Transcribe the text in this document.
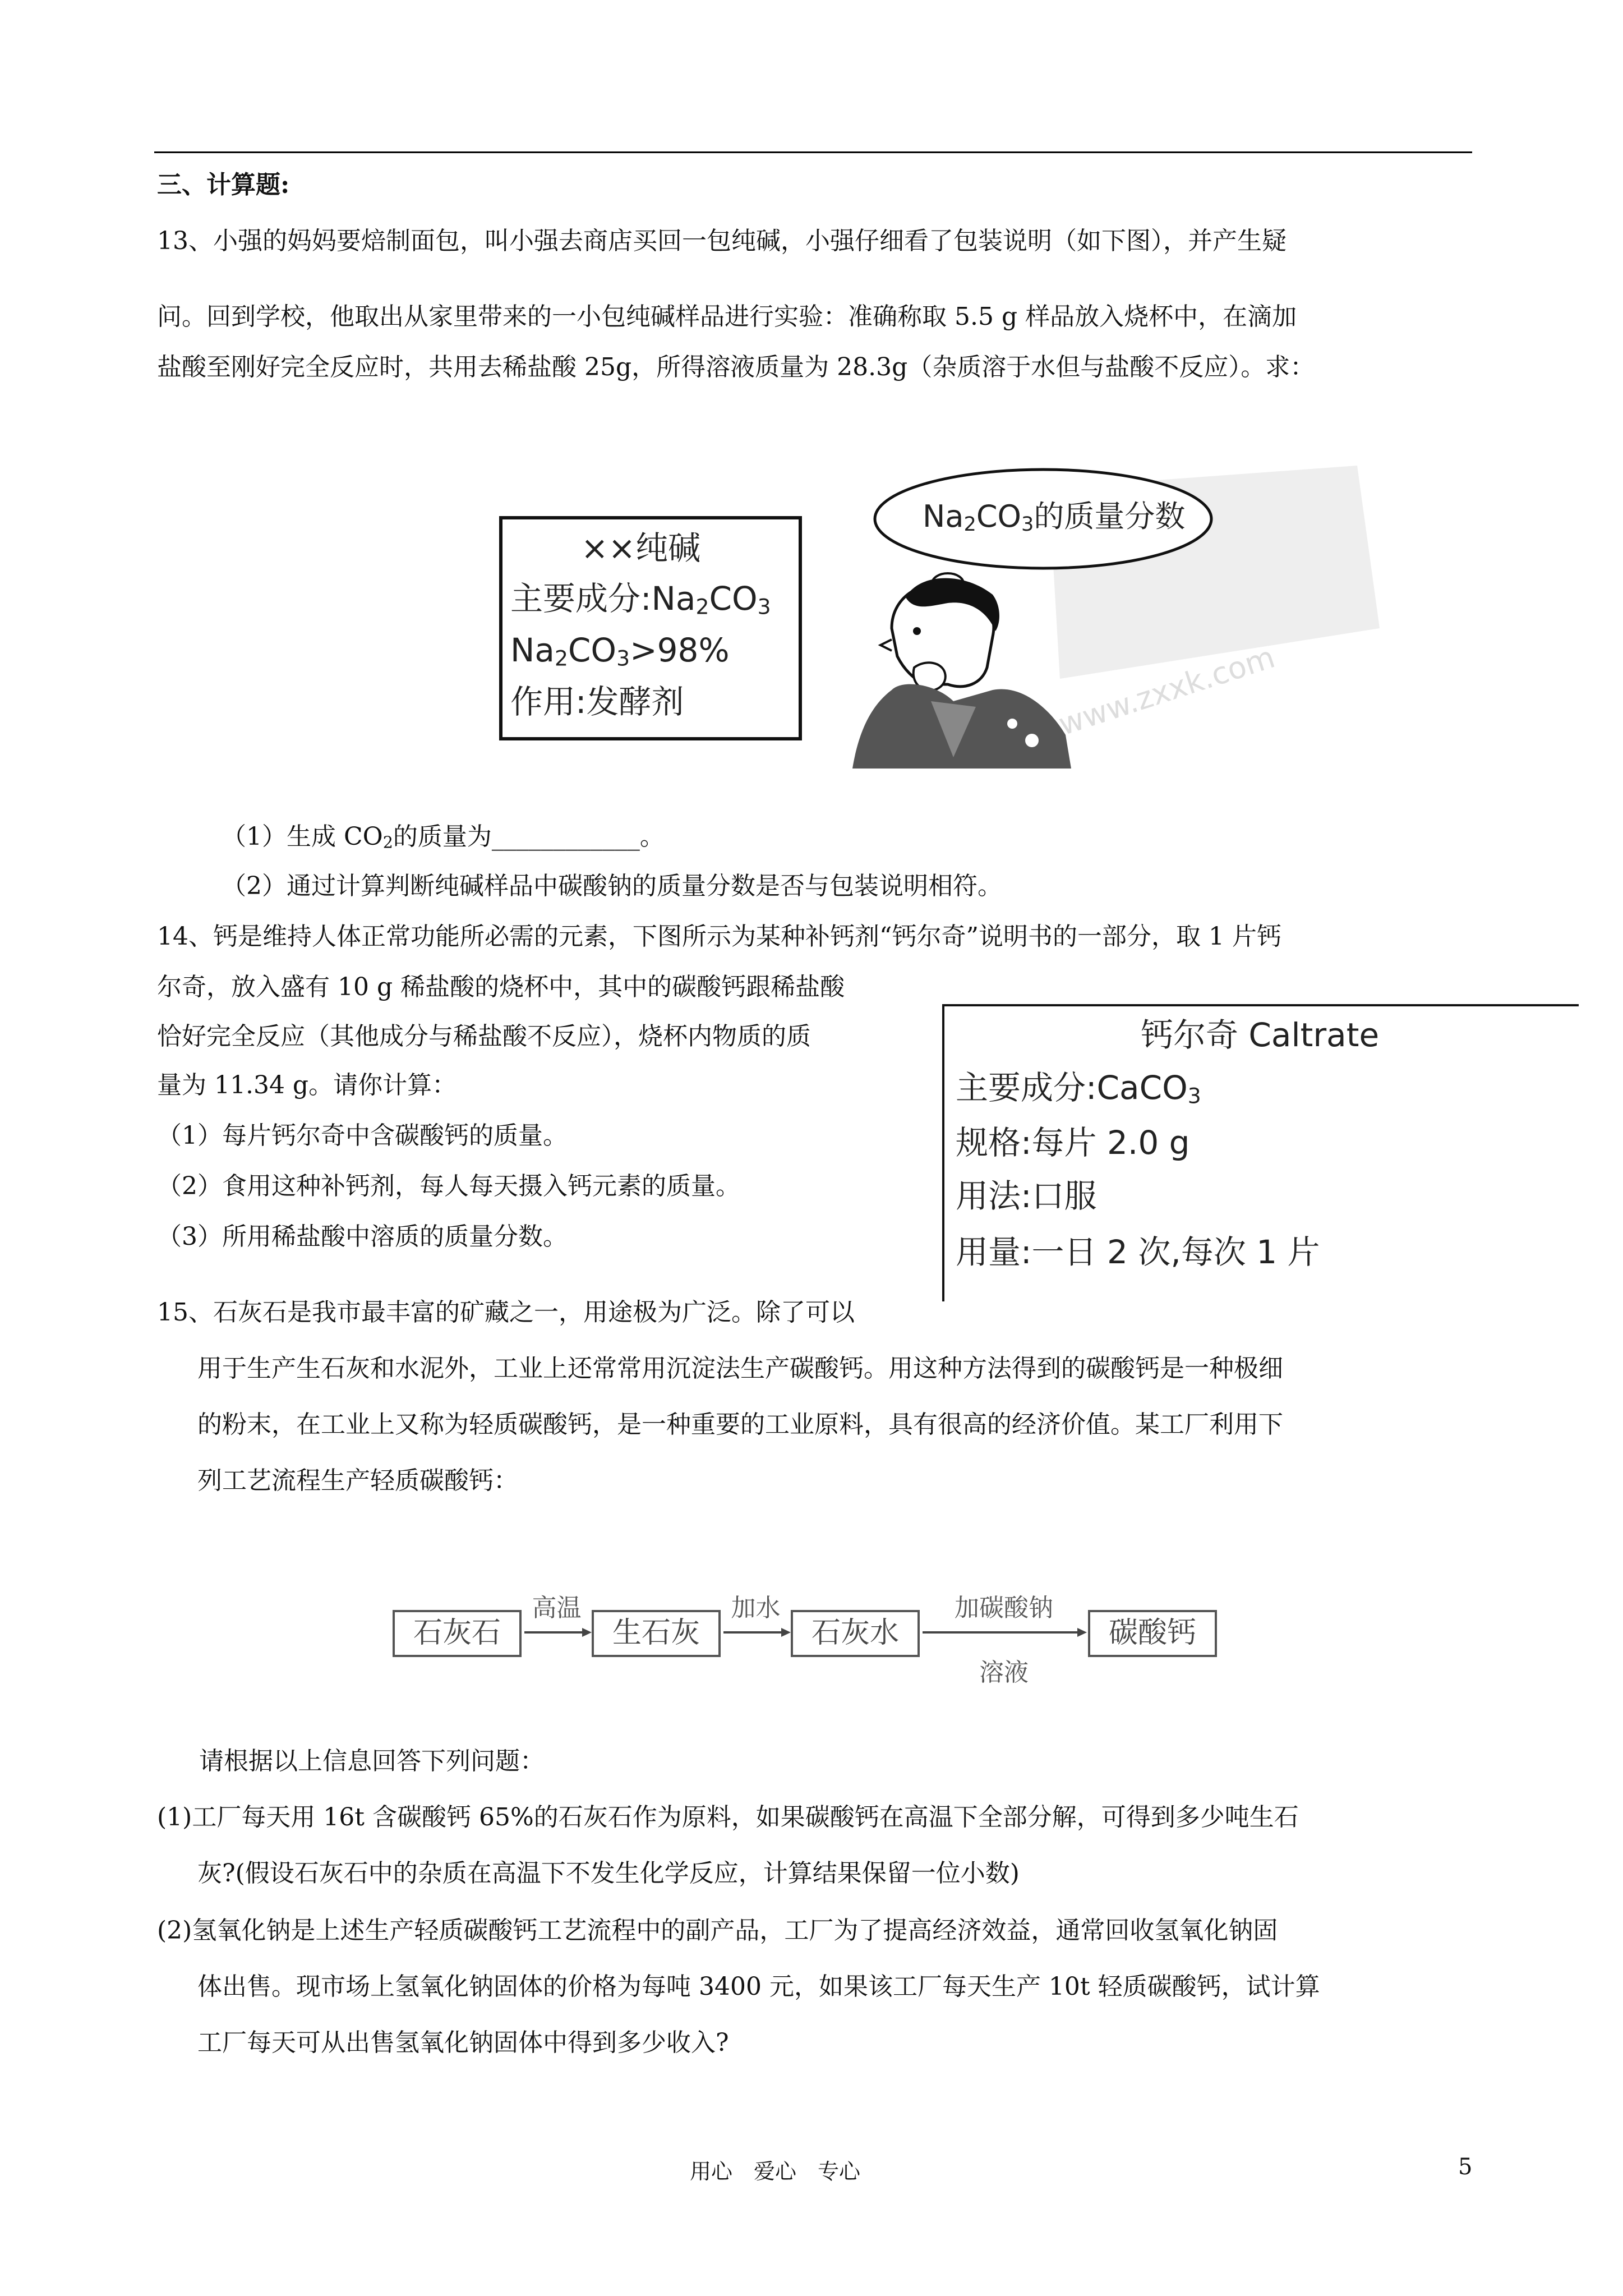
三、计算题:
13、小强的妈妈要焙制面包，叫小强去商店买回一包纯碱，小强仔细看了包装说明（如下图），并产生疑
问。回到学校，他取出从家里带来的一小包纯碱样品进行实验：准确称取 5.5 g 样品放入烧杯中，在滴加
盐酸至刚好完全反应时，共用去稀盐酸 25g，所得溶液质量为 28.3g（杂质溶于水但与盐酸不反应）。求：
××纯碱
主要成分$:Na_2CO_3$
$Na_2CO_3>98\%$
作用:发酵剂
$Na_2CO_3$的质量分数
www.zxxk.com
（1）生成 $CO_2$的质量为____________。
（2）通过计算判断纯碱样品中碳酸钠的质量分数是否与包装说明相符。
14、钙是维持人体正常功能所必需的元素，下图所示为某种补钙剂“钙尔奇”说明书的一部分，取 1 片钙
尔奇，放入盛有 10 g 稀盐酸的烧杯中，其中的碳酸钙跟稀盐酸
恰好完全反应（其他成分与稀盐酸不反应），烧杯内物质的质
量为 11.34 g。请你计算：
（1）每片钙尔奇中含碳酸钙的质量。
（2）食用这种补钙剂，每人每天摄入钙元素的质量。
（3）所用稀盐酸中溶质的质量分数。
钙尔奇 Caltrate
主要成分:CaCO$_3$
规格:每片 2.0 g
用法:口服
用量:一日 2 次,每次 1 片
15、石灰石是我市最丰富的矿藏之一，用途极为广泛。除了可以
用于生产生石灰和水泥外，工业上还常常用沉淀法生产碳酸钙。用这种方法得到的碳酸钙是一种极细
的粉末，在工业上又称为轻质碳酸钙，是一种重要的工业原料，具有很高的经济价值。某工厂利用下
列工艺流程生产轻质碳酸钙：
石灰石	生石灰	石灰水	碳酸钙
高温	加水	加碳酸钠
溶液
请根据以上信息回答下列问题：
(1)工厂每天用 16t 含碳酸钙 65%的石灰石作为原料，如果碳酸钙在高温下全部分解，可得到多少吨生石
灰?(假设石灰石中的杂质在高温下不发生化学反应，计算结果保留一位小数)
(2)氢氧化钠是上述生产轻质碳酸钙工艺流程中的副产品，工厂为了提高经济效益，通常回收氢氧化钠固
体出售。现市场上氢氧化钠固体的价格为每吨 3400 元，如果该工厂每天生产 10t 轻质碳酸钙，试计算
工厂每天可从出售氢氧化钠固体中得到多少收入?
用心　爱心　专心	5
